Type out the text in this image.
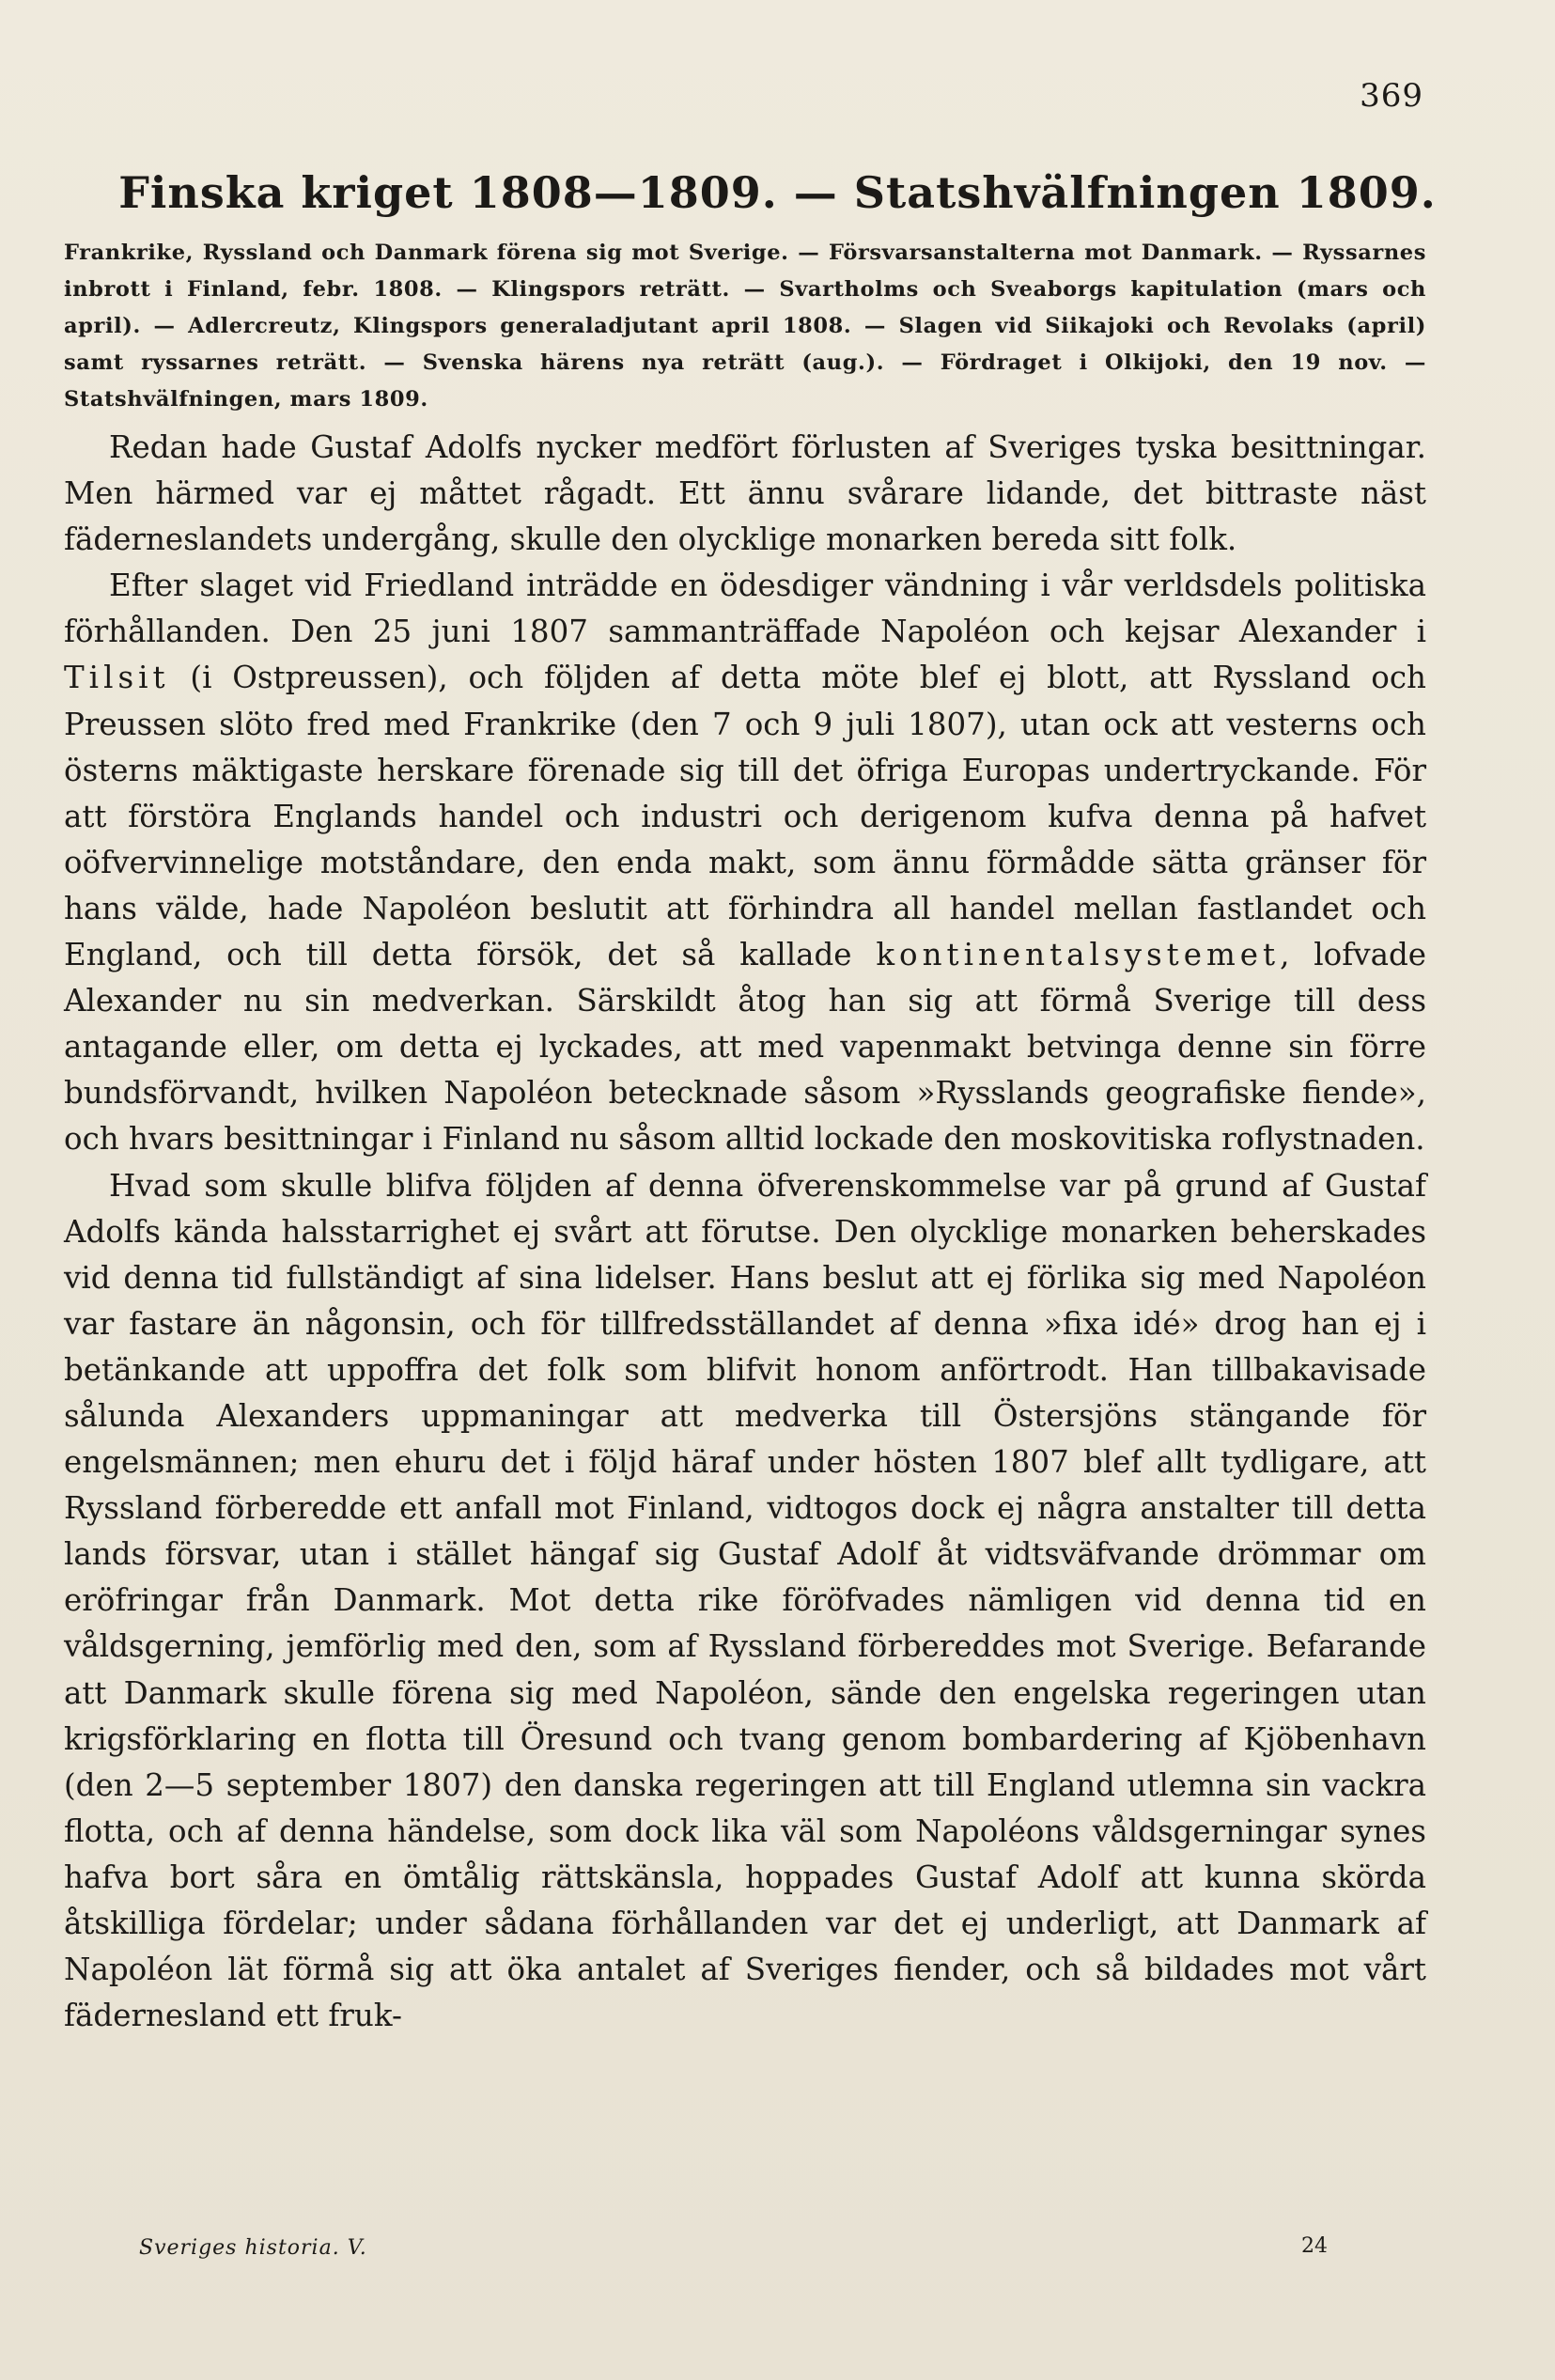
369
Finska kriget 1808—1809. — Statshvälfningen 1809.
Frankrike, Ryssland och Danmark förena sig mot Sverige. — Försvarsanstalterna mot Danmark. — Ryssarnes inbrott i Finland, febr. 1808. — Klingspors reträtt. — Svartholms och Sveaborgs kapitulation (mars och april). — Adlercreutz, Klingspors generaladjutant april 1808. — Slagen vid Siikajoki och Revolaks (april) samt ryssarnes reträtt. — Svenska härens nya reträtt (aug.). — Fördraget i Olkijoki, den 19 nov. — Statshvälfningen, mars 1809.

Redan hade Gustaf Adolfs nycker medfört förlusten af Sveriges tyska besittningar. Men härmed var ej måttet rågadt. Ett ännu svårare lidande, det bittraste näst fäderneslandets undergång, skulle den olycklige monarken bereda sitt folk.

Efter slaget vid Friedland inträdde en ödesdiger vändning i vår verldsdels politiska förhållanden. Den 25 juni 1807 sammanträffade Napoléon och kejsar Alexander i Tilsit (i Ostpreussen), och följden af detta möte blef ej blott, att Ryssland och Preussen slöto fred med Frankrike (den 7 och 9 juli 1807), utan ock att vesterns och österns mäktigaste herskare förenade sig till det öfriga Europas undertryckande. För att förstöra Englands handel och industri och derigenom kufva denna på hafvet oöfvervinnelige motståndare, den enda makt, som ännu förmådde sätta gränser för hans välde, hade Napoléon beslutit att förhindra all handel mellan fastlandet och England, och till detta försök, det så kallade kontinentalsystemet, lofvade Alexander nu sin medverkan. Särskildt åtog han sig att förmå Sverige till dess antagande eller, om detta ej lyckades, att med vapenmakt betvinga denne sin förre bundsförvandt, hvilken Napoléon betecknade såsom »Rysslands geografiske fiende», och hvars besittningar i Finland nu såsom alltid lockade den moskovitiska roflystnaden.

Hvad som skulle blifva följden af denna öfverenskommelse var på grund af Gustaf Adolfs kända halsstarrighet ej svårt att förutse. Den olycklige monarken beherskades vid denna tid fullständigt af sina lidelser. Hans beslut att ej förlika sig med Napoléon var fastare än någonsin, och för tillfredsställandet af denna »fixa idé» drog han ej i betänkande att uppoffra det folk som blifvit honom anförtrodt. Han tillbakavisade sålunda Alexanders uppmaningar att medverka till Östersjöns stängande för engelsmännen; men ehuru det i följd häraf under hösten 1807 blef allt tydligare, att Ryssland förberedde ett anfall mot Finland, vidtogos dock ej några anstalter till detta lands försvar, utan i stället hängaf sig Gustaf Adolf åt vidtsväfvande drömmar om eröfringar från Danmark. Mot detta rike föröfvades nämligen vid denna tid en våldsgerning, jemförlig med den, som af Ryssland förbereddes mot Sverige. Befarande att Danmark skulle förena sig med Napoléon, sände den engelska regeringen utan krigsförklaring en flotta till Öresund och tvang genom bombardering af Kjöbenhavn (den 2—5 september 1807) den danska regeringen att till England utlemna sin vackra flotta, och af denna händelse, som dock lika väl som Napoléons våldsgerningar synes hafva bort såra en ömtålig rättskänsla, hoppades Gustaf Adolf att kunna skörda åtskilliga fördelar; under sådana förhållanden var det ej underligt, att Danmark af Napoléon lät förmå sig att öka antalet af Sveriges fiender, och så bildades mot vårt fädernesland ett fruk-

Sveriges historia. V.	24
